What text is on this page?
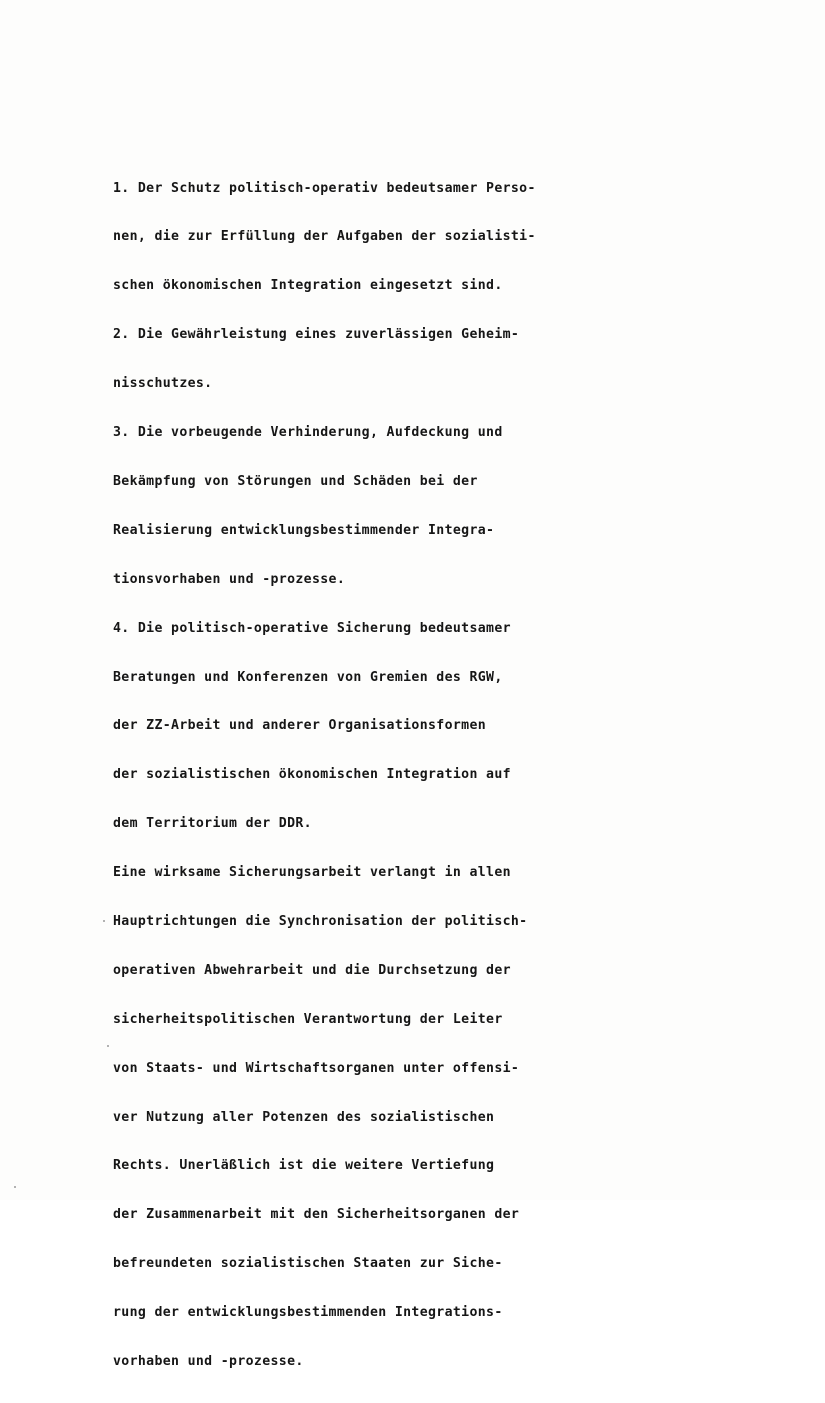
1. Der Schutz politisch-operativ bedeutsamer Perso-

nen, die zur Erfüllung der Aufgaben der sozialisti-

schen ökonomischen Integration eingesetzt sind.

2. Die Gewährleistung eines zuverlässigen Geheim-

nisschutzes.

3. Die vorbeugende Verhinderung, Aufdeckung und

Bekämpfung von Störungen und Schäden bei der

Realisierung entwicklungsbestimmender Integra-

tionsvorhaben und -prozesse.

4. Die politisch-operative Sicherung bedeutsamer

Beratungen und Konferenzen von Gremien des RGW,

der ZZ-Arbeit und anderer Organisationsformen

der sozialistischen ökonomischen Integration auf

dem Territorium der DDR.

Eine wirksame Sicherungsarbeit verlangt in allen

Hauptrichtungen die Synchronisation der politisch-

operativen Abwehrarbeit und die Durchsetzung der

sicherheitspolitischen Verantwortung der Leiter

von Staats- und Wirtschaftsorganen unter offensi-

ver Nutzung aller Potenzen des sozialistischen

Rechts. Unerläßlich ist die weitere Vertiefung

der Zusammenarbeit mit den Sicherheitsorganen der

befreundeten sozialistischen Staaten zur Siche-

rung der entwicklungsbestimmenden Integrations-

vorhaben und -prozesse.
